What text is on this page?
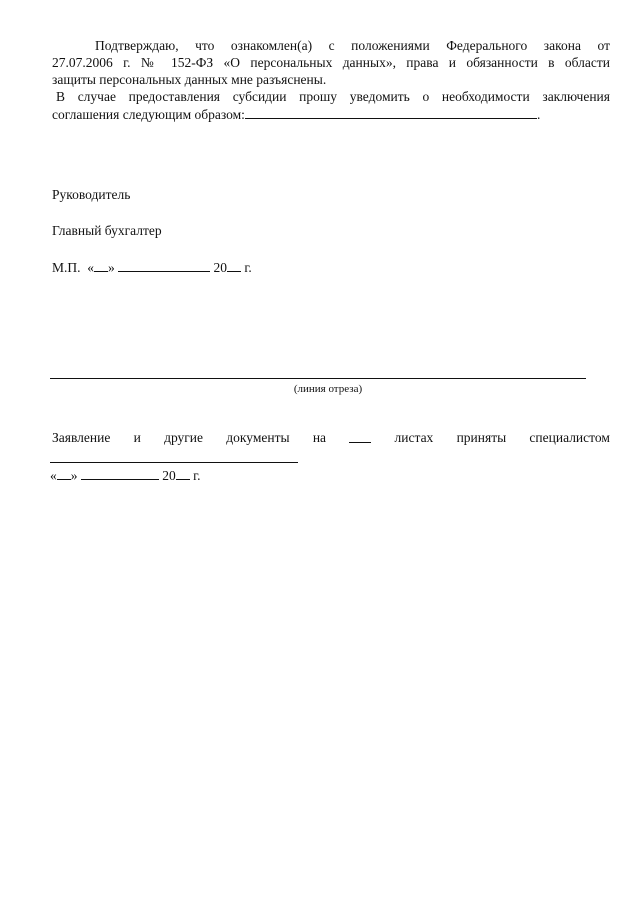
Подтверждаю, что ознакомлен(а) с положениями Федерального закона от
27.07.2006 г. № 152-ФЗ «О персональных данных», права и обязанности в области
защиты персональных данных мне разъяснены.
В случае предоставления субсидии прошу уведомить о необходимости заключения
соглашения следующим образом:	.
Руководитель
Главный бухгалтер
М.П. « »	20 г.
(линия отреза)
Заявление и другие документы на	листах приняты специалистом
« »	20 г.
